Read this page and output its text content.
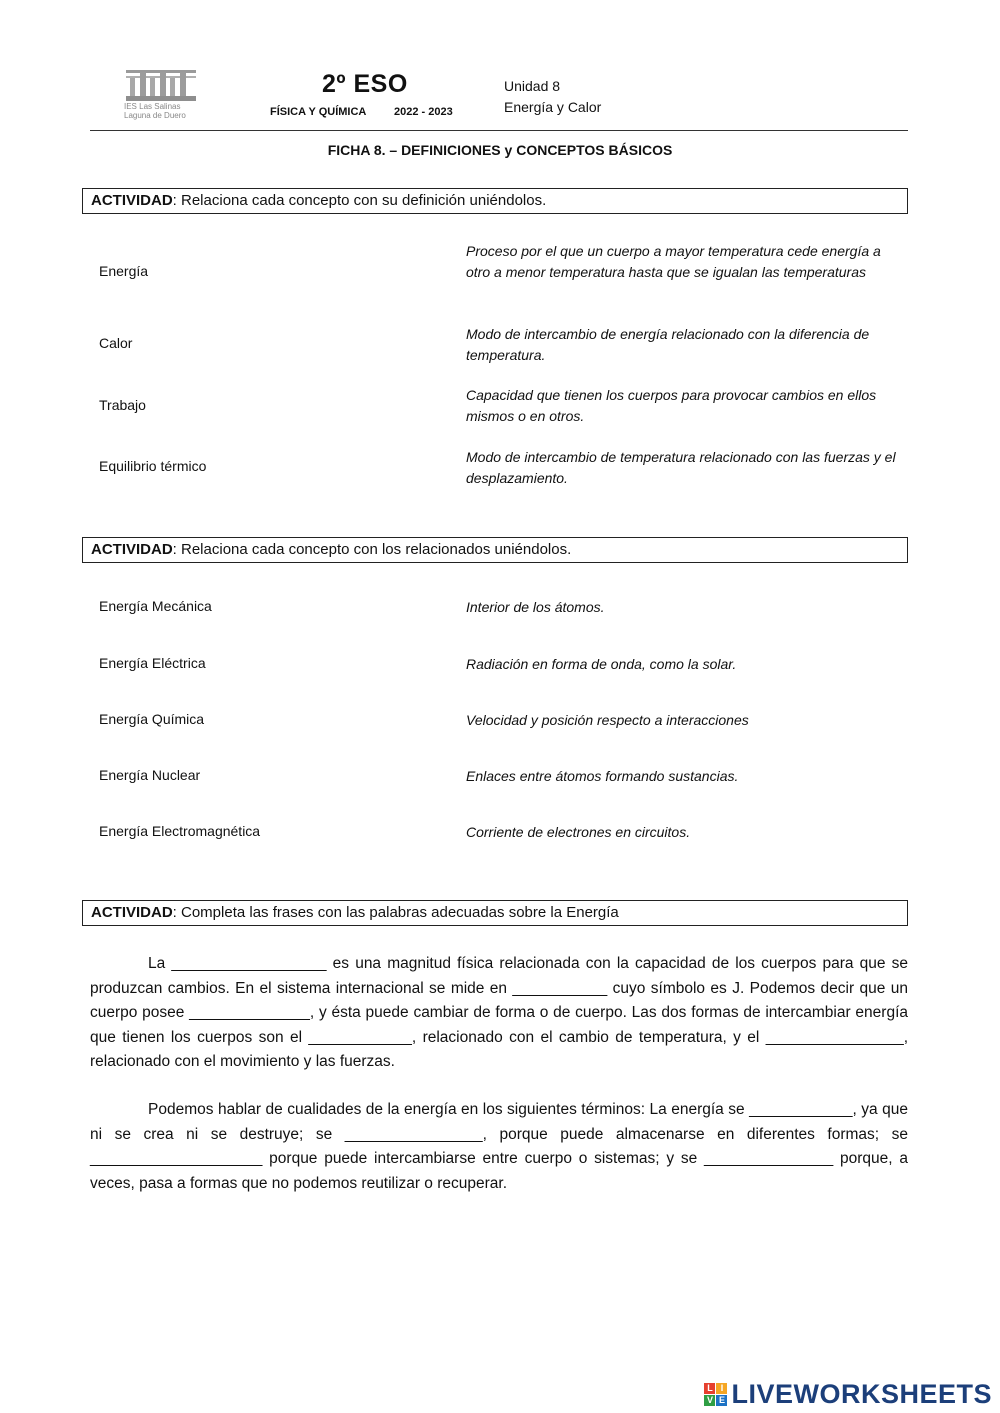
IES Las Salinas
Laguna de Duero
2º ESO
FÍSICA Y QUÍMICA	2022 - 2023
Unidad 8
Energía y Calor
FICHA 8. – DEFINICIONES y CONCEPTOS BÁSICOS
ACTIVIDAD: Relaciona cada concepto con su definición uniéndolos.
Energía
Calor
Trabajo
Equilibrio térmico
Proceso por el que un cuerpo a mayor temperatura cede energía a otro a menor temperatura hasta que se igualan las temperaturas
Modo de intercambio de energía relacionado con la diferencia de temperatura.
Capacidad que tienen los cuerpos para provocar cambios en ellos mismos o en otros.
Modo de intercambio de temperatura relacionado con las fuerzas y el desplazamiento.
ACTIVIDAD: Relaciona cada concepto con los relacionados uniéndolos.
Energía Mecánica
Energía Eléctrica
Energía Química
Energía Nuclear
Energía Electromagnética
Interior de los átomos.
Radiación en forma de onda, como la solar.
Velocidad y posición respecto a interacciones
Enlaces entre átomos formando sustancias.
Corriente de electrones en circuitos.
ACTIVIDAD: Completa las frases con las palabras adecuadas sobre la Energía
La __________________ es una magnitud física relacionada con la capacidad de los cuerpos para que se produzcan cambios. En el sistema internacional se mide en ___________ cuyo símbolo es J. Podemos decir que un cuerpo posee ______________, y ésta puede cambiar de forma o de cuerpo. Las dos formas de intercambiar energía que tienen los cuerpos son el ____________, relacionado con el cambio de temperatura, y el ________________, relacionado con el movimiento y las fuerzas.
Podemos hablar de cualidades de la energía en los siguientes términos: La energía se ____________, ya que ni se crea ni se destruye; se ________________, porque puede almacenarse en diferentes formas; se ____________________ porque puede intercambiarse entre cuerpo o sistemas; y se _______________ porque, a veces, pasa a formas que no podemos reutilizar o recuperar.
L I
V E LIVEWORKSHEETS
